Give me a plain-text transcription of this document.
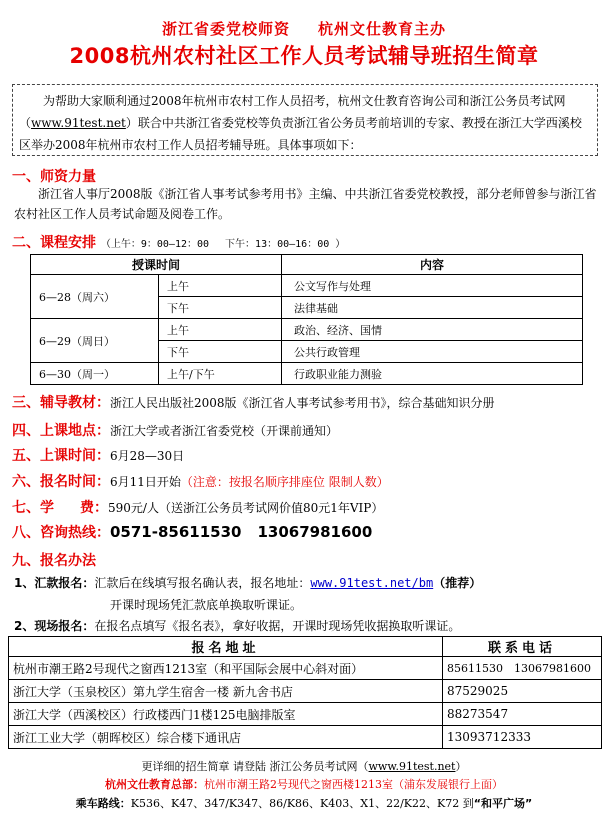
浙江省委党校师资 杭州文仕教育主办
2008杭州农村社区工作人员考试辅导班招生简章
为帮助大家顺利通过2008年杭州市农村工作人员招考，杭州文仕教育咨询公司和浙江公务员考试网（www.91test.net）联合中共浙江省委党校等负责浙江省公务员考前培训的专家、教授在浙江大学西溪校区举办2008年杭州市农村工作人员招考辅导班。具体事项如下：
一、师资力量
浙江省人事厅2008版《浙江省人事考试参考用书》主编、中共浙江省委党校教授，部分老师曾参与浙江省农村社区工作人员考试命题及阅卷工作。
二、课程安排 （上午：9：00—12：00　 下午：13：00—16：00 ）
授课时间		内容
6—28（周六）	上午	公文写作与处理
	下午	法律基础
6—29（周日）	上午	政治、经济、国情
	下午	公共行政管理
6—30（周一）	上午/下午	行政职业能力测验
三、辅导教材：浙江人民出版社2008版《浙江省人事考试参考用书》，综合基础知识分册
四、上课地点：浙江大学或者浙江省委党校（开课前通知）
五、上课时间：6月28—30日
六、报名时间：6月11日开始（注意：按报名顺序排座位 限制人数）
七、学 费：590元/人（送浙江公务员考试网价值80元1年VIP）
八、咨询热线：0571-85611530 13067981600
九、报名办法
1、汇款报名：汇款后在线填写报名确认表，报名地址：www.91test.net/bm（推荐）
开课时现场凭汇款底单换取听课证。
2、现场报名：在报名点填写《报名表》，拿好收据，开课时现场凭收据换取听课证。
报名地址	联系电话
杭州市潮王路2号现代之窗西1213室（和平国际会展中心斜对面）	85611530　13067981600
浙江大学（玉泉校区）第九学生宿舍一楼 新九舍书店	87529025
浙江大学（西溪校区）行政楼西门1楼125电脑排版室	88273547
浙江工业大学（朝晖校区）综合楼下通讯店	13093712333
更详细的招生简章 请登陆 浙江公务员考试网（www.91test.net）
杭州文仕教育总部：杭州市潮王路2号现代之窗西楼1213室（浦东发展银行上面）
乘车路线：K536、K47、347/K347、86/K86、K403、X1、22/K22、K72 到“和平广场”
